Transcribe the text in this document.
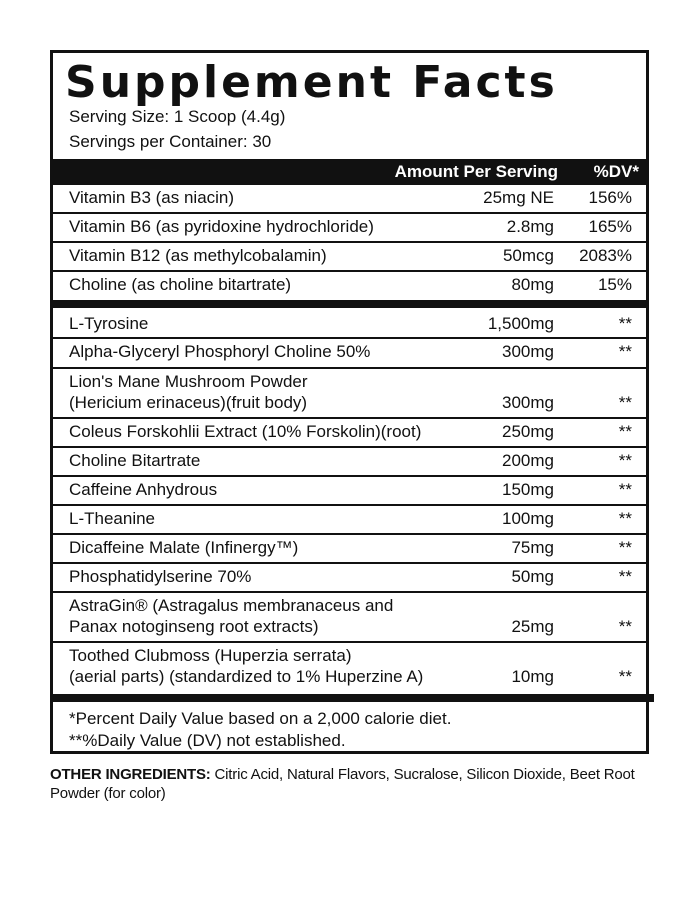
Supplement Facts
Serving Size: 1 Scoop (4.4g)
Servings per Container: 30
Amount Per Serving %DV*
Vitamin B3 (as niacin)	25mg NE 156%
Vitamin B6 (as pyridoxine hydrochloride)	2.8mg 165%
Vitamin B12 (as methylcobalamin)	50mcg 2083%
Choline (as choline bitartrate)	80mg	15%
L-Tyrosine	1,500mg	**
Alpha-Glyceryl Phosphoryl Choline 50%	300mg	**
Lion's Mane Mushroom Powder
(Hericium erinaceus)(fruit body)	300mg	**
Coleus Forskohlii Extract (10% Forskolin)(root)	250mg	**
Choline Bitartrate	200mg	**
Caffeine Anhydrous	150mg	**
L-Theanine	100mg	**
Dicaffeine Malate (Infinergy™)	75mg	**
Phosphatidylserine 70%	50mg	**
AstraGin® (Astragalus membranaceus and
Panax notoginseng root extracts)	25mg	**
Toothed Clubmoss (Huperzia serrata)
(aerial parts) (standardized to 1% Huperzine A)	10mg	**
*Percent Daily Value based on a 2,000 calorie diet.
**%Daily Value (DV) not established.
OTHER INGREDIENTS: Citric Acid, Natural Flavors, Sucralose, Silicon Dioxide, Beet Root Powder (for color)
